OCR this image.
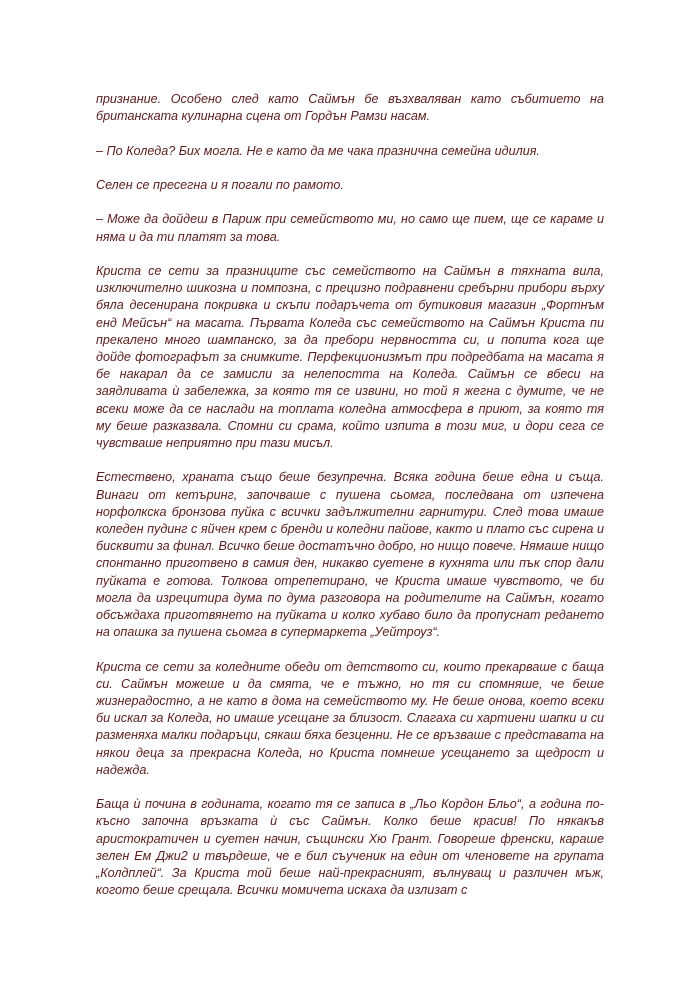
признание. Особено след като Саймън бе възхваляван като събитието на британската кулинарна сцена от Гордън Рамзи насам.

– По Коледа? Бих могла. Не е като да ме чака празнична семейна идилия.

Селен се пресегна и я погали по рамото.

– Може да дойдеш в Париж при семейството ми, но само ще пием, ще се караме и няма и да ти платят за това.

Криста се сети за празниците със семейството на Саймън в тяхната вила, изключително шикозна и помпозна, с прецизно подравнени сребърни прибори върху бяла десенирана покривка и скъпи подаръчета от бутиковия магазин „Фортнъм енд Мейсън“ на масата. Първата Коледа със семейството на Саймън Криста пи прекалено много шампанско, за да пребори нервността си, и попита кога ще дойде фотографът за снимките. Перфекционизмът при подредбата на масата я бе накарал да се замисли за нелепостта на Коледа. Саймън се вбеси на заядливата ѝ забележка, за която тя се извини, но той я жегна с думите, че не всеки може да се наслади на топлата коледна атмосфера в приют, за която тя му беше разказвала. Спомни си срама, който изпита в този миг, и дори сега се чувстваше неприятно при тази мисъл.

Естествено, храната също беше безупречна. Всяка година беше една и съща. Винаги от кетъринг, започваше с пушена сьомга, последвана от изпечена норфолкска бронзова пуйка с всички задължителни гарнитури. След това имаше коледен пудинг с яйчен крем с бренди и коледни пайове, както и плато със сирена и бисквити за финал. Всичко беше достатъчно добро, но нищо повече. Нямаше нищо спонтанно приготвено в самия ден, никакво суетене в кухнята или пък спор дали пуйката е готова. Толкова отрепетирано, че Криста имаше чувството, че би могла да изрецитира дума по дума разговора на родителите на Саймън, когато обсъждаха приготвянето на пуйката и колко хубаво било да пропуснат редането на опашка за пушена сьомга в супермаркета „Уейтроуз“.

Криста се сети за коледните обеди от детството си, които прекарваше с баща си. Саймън можеше и да смята, че е тъжно, но тя си спомняше, че беше жизнерадостно, а не като в дома на семейството му. Не беше онова, което всеки би искал за Коледа, но имаше усещане за близост. Слагаха си хартиени шапки и си разменяха малки подаръци, сякаш бяха безценни. Не се връзваше с представата на някои деца за прекрасна Коледа, но Криста помнеше усещането за щедрост и надежда.

Баща ѝ почина в годината, когато тя се записа в „Льо Кордон Бльо“, а година по-късно започна връзката ѝ със Саймън. Колко беше красив! По някакъв аристократичен и суетен начин, същински Хю Грант. Говореше френски, караше зелен Ем Джи2 и твърдеше, че е бил съученик на един от членовете на групата „Колдплей“. За Криста той беше най-прекрасният, вълнуващ и различен мъж, когото беше срещала. Всички момичета искаха да излизат с
